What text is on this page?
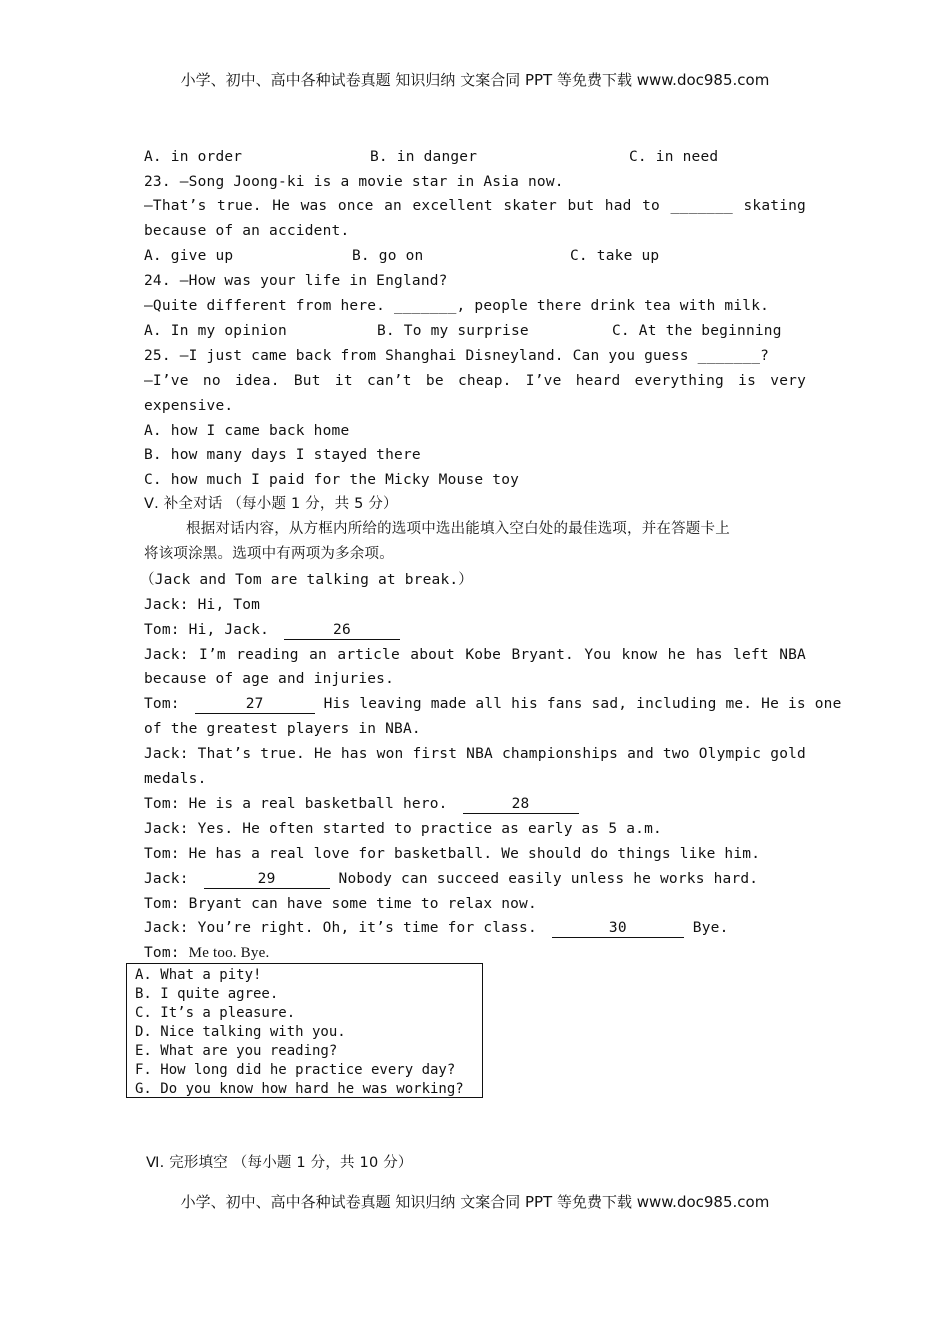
小学、初中、高中各种试卷真题 知识归纳 文案合同 PPT 等免费下载 www.doc985.com
A. in order	B. in danger	C. in need
23. —Song Joong-ki is a movie star in Asia now.
—That’s true. He was once an excellent skater but had to _______ skating
because of an accident.
A. give up	B. go on	C. take up
24. —How was your life in England?
—Quite different from here. _______, people there drink tea with milk.
A. In my opinion	B. To my surprise	C. At the beginning
25. —I just came back from Shanghai Disneyland. Can you guess _______?
—I’ve no idea. But it can’t be cheap. I’ve heard everything is very
expensive.
A. how I came back home
B. how many days I stayed there
C. how much I paid for the Micky Mouse toy
Ⅴ. 补全对话 （每小题 1 分，共 5 分）
根据对话内容，从方框内所给的选项中选出能填入空白处的最佳选项，并在答题卡上
将该项涂黑。选项中有两项为多余项。
（Jack and Tom are talking at break.）
Jack: Hi, Tom
Tom: Hi, Jack.	26
Jack: I’m reading an article about Kobe Bryant. You know he has left NBA
because of age and injuries.
Tom:	27	His leaving made all his fans sad, including me. He is one
of the greatest players in NBA.
Jack: That’s true. He has won first NBA championships and two Olympic gold
medals.
Tom: He is a real basketball hero.	28
Jack: Yes. He often started to practice as early as 5 a.m.
Tom: He has a real love for basketball. We should do things like him.
Jack:	29	Nobody can succeed easily unless he works hard.
Tom: Bryant can have some time to relax now.
Jack: You’re right. Oh, it’s time for class.	30	Bye.
Tom: Me too. Bye.
A. What a pity!
B. I quite agree.
C. It’s a pleasure.
D. Nice talking with you.
E. What are you reading?
F. How long did he practice every day?
G. Do you know how hard he was working?
Ⅵ. 完形填空 （每小题 1 分，共 10 分）
小学、初中、高中各种试卷真题 知识归纳 文案合同 PPT 等免费下载 www.doc985.com
